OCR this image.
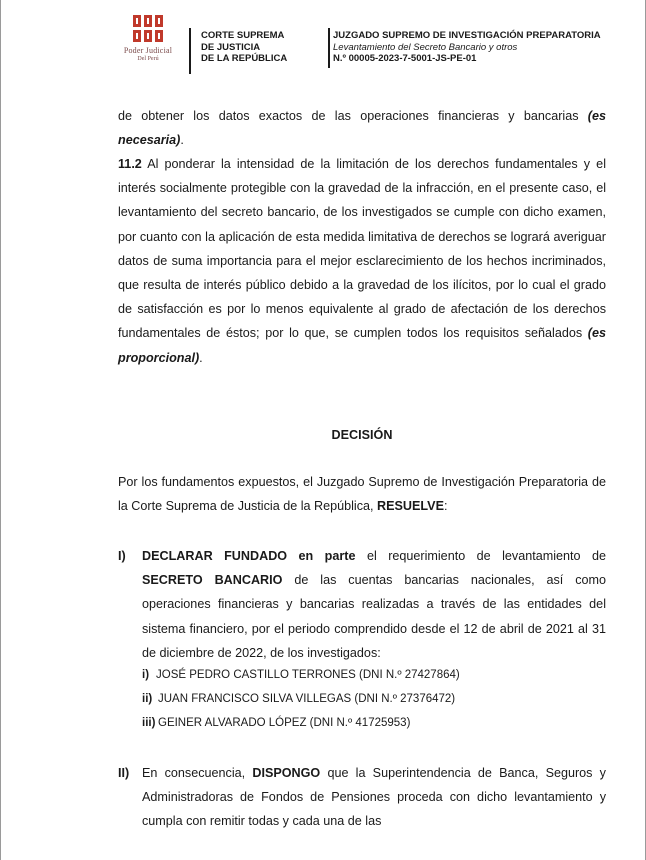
Poder Judicial
Del Perú
CORTE SUPREMA
DE JUSTICIA
DE LA REPÚBLICA
JUZGADO SUPREMO DE INVESTIGACIÓN PREPARATORIA
Levantamiento del Secreto Bancario y otros
N.º 00005-2023-7-5001-JS-PE-01
de obtener los datos exactos de las operaciones financieras y bancarias (es necesaria).
11.2 Al ponderar la intensidad de la limitación de los derechos fundamentales y el interés socialmente protegible con la gravedad de la infracción, en el presente caso, el levantamiento del secreto bancario, de los investigados se cumple con dicho examen, por cuanto con la aplicación de esta medida limitativa de derechos se logrará averiguar datos de suma importancia para el mejor esclarecimiento de los hechos incriminados, que resulta de interés público debido a la gravedad de los ilícitos, por lo cual el grado de satisfacción es por lo menos equivalente al grado de afectación de los derechos fundamentales de éstos; por lo que, se cumplen todos los requisitos señalados (es proporcional).
DECISIÓN
Por los fundamentos expuestos, el Juzgado Supremo de Investigación Preparatoria de la Corte Suprema de Justicia de la República, RESUELVE:
I) DECLARAR FUNDADO en parte el requerimiento de levantamiento de SECRETO BANCARIO de las cuentas bancarias nacionales, así como operaciones financieras y bancarias realizadas a través de las entidades del sistema financiero, por el periodo comprendido desde el 12 de abril de 2021 al 31 de diciembre de 2022, de los investigados:
i) JOSÉ PEDRO CASTILLO TERRONES (DNI N.º 27427864)
ii) JUAN FRANCISCO SILVA VILLEGAS (DNI N.º 27376472)
iii) GEINER ALVARADO LÓPEZ (DNI N.º 41725953)
II) En consecuencia, DISPONGO que la Superintendencia de Banca, Seguros y Administradoras de Fondos de Pensiones proceda con dicho levantamiento y cumpla con remitir todas y cada una de las
